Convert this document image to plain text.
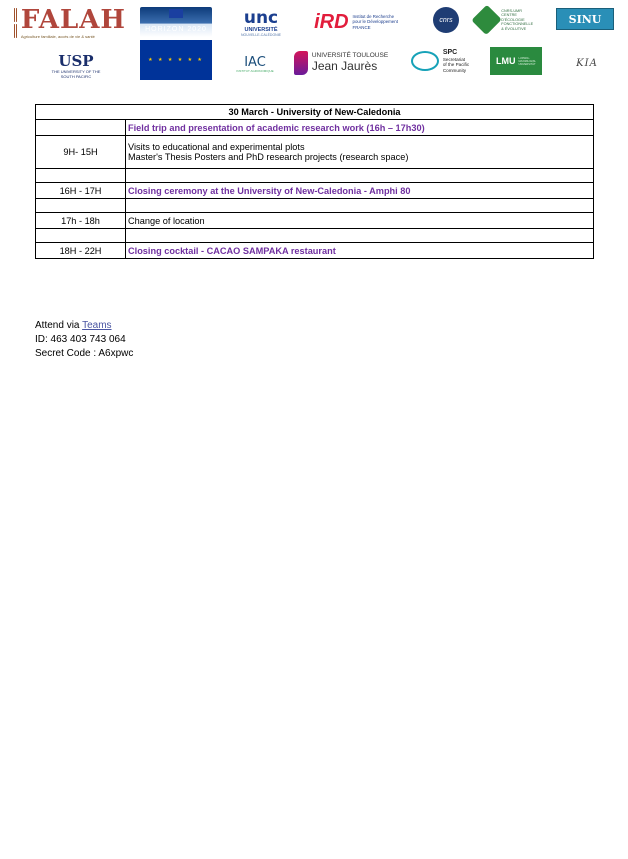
FALAH
Agriculture familiale, accès de vie & santé
HORIZON 2020
unc
UNIVERSITÉ
NOUVELLE-CALÉDONIE
iRD Institut de Recherche
pour le Développement
FRANCE
cnrs
CNRS-UMR
CENTRE D'ÉCOLOGIE
FONCTIONNELLE
& ÉVOLUTIVE
SINU
USP
THE UNIVERSITY OF THE
SOUTH PACIFIC
★ ★ ★ ★ ★ ★	IAC
INSTITUT AGRONOMIQUE
UNIVERSITÉ TOULOUSE
Jean Jaurès
SPC
Secretariat
of the Pacific
Community
LMU LUDWIG-
MAXIMILIANS-
UNIVERSITÄT	KIA
30 March - University of New-Caledonia	
	Field trip and presentation of academic research work (16h – 17h30)
9H- 15H	Visits to educational and experimental plots
Master's Thesis Posters and PhD research projects (research space)

16H - 17H	Closing ceremony at the University of New-Caledonia - Amphi 80

17h - 18h	Change of location

18H - 22H	Closing cocktail - CACAO SAMPAKA restaurant
Attend via Teams
ID: 463 403 743 064
Secret Code : A6xpwc
